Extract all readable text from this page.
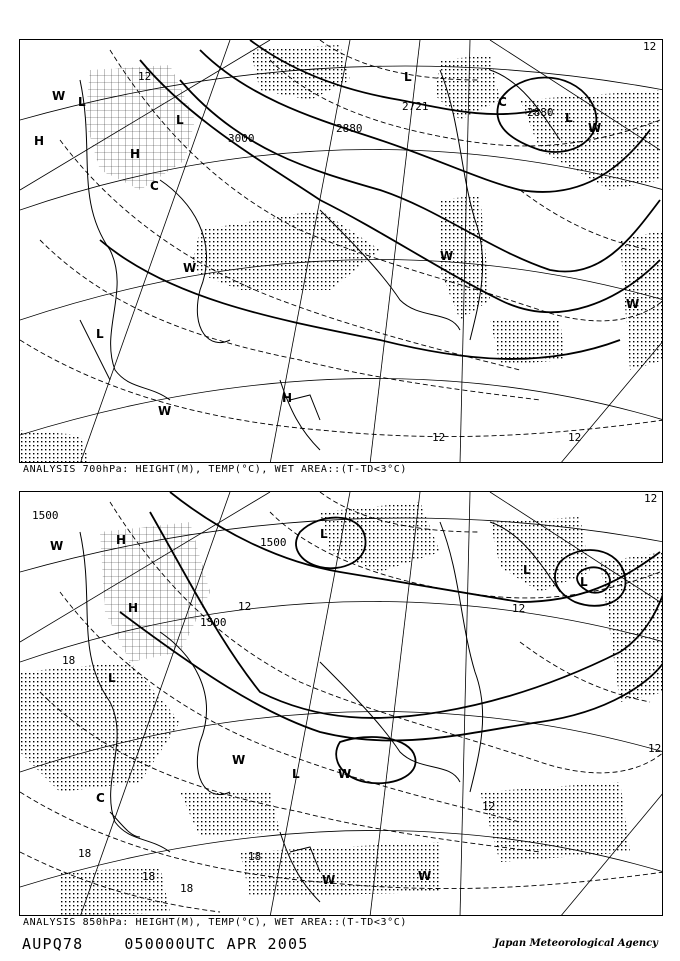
3000
2880
2721	2880
12
12	12
12
L
H
H
L
L
L
L
W
W
W
C
C
W
W
W
H
ANALYSIS 700hPa: HEIGHT(M), TEMP(°C), WET AREA::(T-TD<3°C)
1500
1500
1500
12	12
12
12
18
18
18
18
12
18
H
H
L
L
L
C
W	W
W
W
L
L
W
ANALYSIS 850hPa: HEIGHT(M), TEMP(°C), WET AREA::(T-TD<3°C)
AUPQ78	050000UTC APR 2005	Japan Meteorological Agency
